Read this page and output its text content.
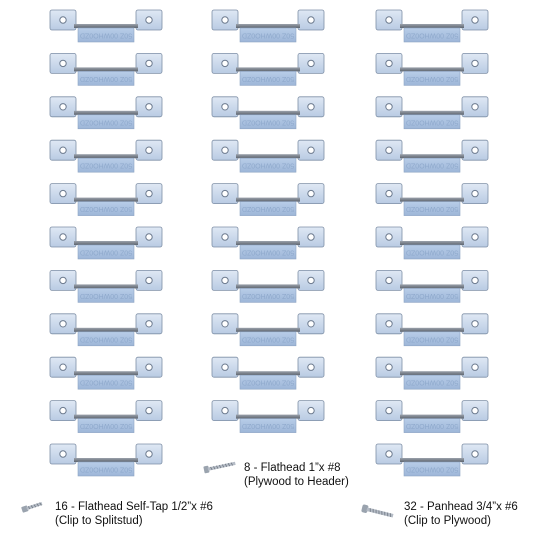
50Z 00WHO0ZD
50Z 00WHO0ZD
50Z 00WHO0ZD
50Z 00WHO0ZD
50Z 00WHO0ZD
50Z 00WHO0ZD
50Z 00WHO0ZD
50Z 00WHO0ZD
50Z 00WHO0ZD
50Z 00WHO0ZD
50Z 00WHO0ZD
50Z 00WHO0ZD
50Z 00WHO0ZD
50Z 00WHO0ZD
50Z 00WHO0ZD
50Z 00WHO0ZD
50Z 00WHO0ZD
50Z 00WHO0ZD
50Z 00WHO0ZD
50Z 00WHO0ZD
50Z 00WHO0ZD
50Z 00WHO0ZD
50Z 00WHO0ZD
50Z 00WHO0ZD
50Z 00WHO0ZD
50Z 00WHO0ZD
50Z 00WHO0ZD
50Z 00WHO0ZD
50Z 00WHO0ZD
50Z 00WHO0ZD
50Z 00WHO0ZD
50Z 00WHO0ZD
16 - Flathead Self-Tap 1/2”x #6
(Clip to Splitstud)
8 - Flathead 1”x #8
(Plywood to Header)
32 - Panhead 3/4”x #6
(Clip to Plywood)
